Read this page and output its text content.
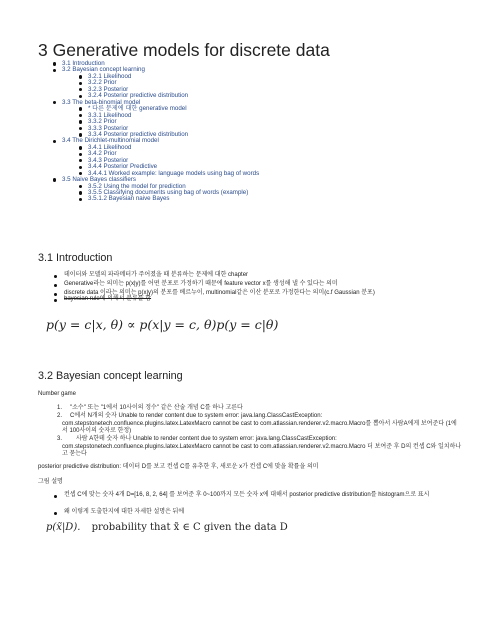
3 Generative models for discrete data
3.1 Introduction
3.2 Bayesian concept learning
3.2.1 Likelihood
3.2.2 Prior
3.2.3 Posterior
3.2.4 Posterior predictive distribution
3.3 The beta-binomial model
* 다른 문제에 대한 generative model
3.3.1 Likelihood
3.3.2 Prior
3.3.3 Posterior
3.3.4 Posterior predictive distribution
3.4 The Dirichlet-multinomial model
3.4.1 Likelihood
3.4.2 Prior
3.4.3 Posterior
3.4.4 Posterior Predictive
3.4.4.1 Worked example: language models using bag of words
3.5 Naive Bayes classifiers
3.5.2 Using the model for prediction
3.5.5 Classifying documents using bag of words (example)
3.5.1.2 Bayesian naive Bayes
3.1 Introduction
데이터와 모델의 파라메터가 주어졌을 때 분류하는 문제에 대한 chapter
Generative라는 의미는 p(x|y)를 어떤 분포로 가정하기 때문에 feature vector x를 생성해 낼 수 있다는 의미
discrete data 이라는 의미는 p(x|y)의 분포를 베르누이, multinomial같은 이산 분포로 가정한다는 의미(c.f Gaussian 분포)
bayesian rule에 의해서 분류를 함
p(y = c|x, θ) ∝ p(x|y = c, θ)p(y = c|θ)
3.2 Bayesian concept learning
Number game
1. "소수" 또는 "1에서 10사이의 정수" 같은 산술 개념 C를 하나 고른다
2.	C에서 N개의 숫자 Unable to render content due to system error: java.lang.ClassCastException: com.stepstonetech.confluence.plugins.latex.LatexMacro cannot be cast to com.atlassian.renderer.v2.macro.Macro를 뽑아서 사람A에게 보여준다 (1에서 100사이의 숫자로 한정)
3.	사람 A한테 숫자 하나 Unable to render content due to system error: java.lang.ClassCastException: com.stepstonetech.confluence.plugins.latex.LatexMacro cannot be cast to com.atlassian.renderer.v2.macro.Macro 더 보여준 후 D의 컨셉 C와 일치하나고 묻는다
posterior predictive distribution: 데이터 D를 보고 컨셉 C를 유추한 후, 새로운 x가 컨셉 C에 맞을 확률을 의미
그림 설명
컨셉 C에 맞는 숫자 4개 D=[16, 8, 2, 64] 를 보여준 후 0~100까지 모든 숫자 x에 대해서 posterior predictive distribution를 histogram으로 표시
왜 이렇게 도출한지에 대한 자세한 설명은 뒤에
p(x̃|D). probability that x̃ ∈ C given the data D
